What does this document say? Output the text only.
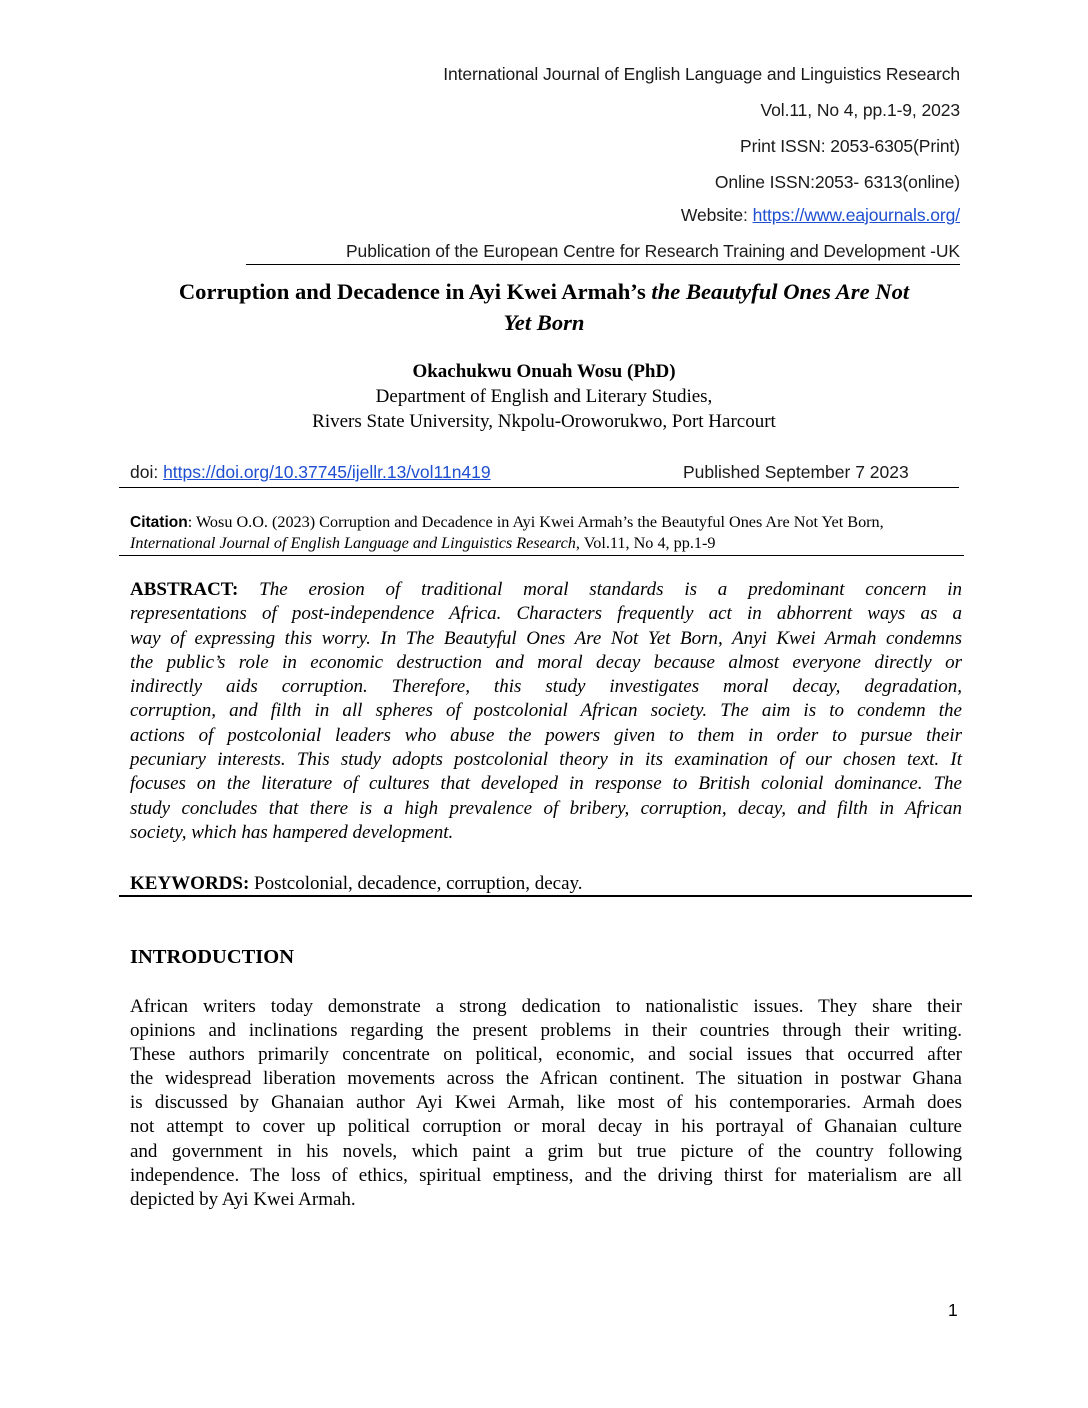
International Journal of English Language and Linguistics Research
Vol.11, No 4, pp.1-9, 2023
Print ISSN: 2053-6305(Print)
Online ISSN:2053- 6313(online)
Website: https://www.eajournals.org/
Publication of the European Centre for Research Training and Development -UK
Corruption and Decadence in Ayi Kwei Armah’s the Beautyful Ones Are Not
Yet Born
Okachukwu Onuah Wosu (PhD)
Department of English and Literary Studies,
Rivers State University, Nkpolu-Oroworukwo, Port Harcourt
doi: https://doi.org/10.37745/ijellr.13/vol11n419	Published September 7 2023
Citation: Wosu O.O. (2023) Corruption and Decadence in Ayi Kwei Armah’s the Beautyful Ones Are Not Yet Born,
International Journal of English Language and Linguistics Research, Vol.11, No 4, pp.1-9
ABSTRACT: The erosion of traditional moral standards is a predominant concern in
representations of post-independence Africa. Characters frequently act in abhorrent ways as a
way of expressing this worry. In The Beautyful Ones Are Not Yet Born, Anyi Kwei Armah condemns
the public’s role in economic destruction and moral decay because almost everyone directly or
indirectly aids corruption. Therefore, this study investigates moral decay, degradation,
corruption, and filth in all spheres of postcolonial African society. The aim is to condemn the
actions of postcolonial leaders who abuse the powers given to them in order to pursue their
pecuniary interests. This study adopts postcolonial theory in its examination of our chosen text. It
focuses on the literature of cultures that developed in response to British colonial dominance. The
study concludes that there is a high prevalence of bribery, corruption, decay, and filth in African
society, which has hampered development.
KEYWORDS: Postcolonial, decadence, corruption, decay.
INTRODUCTION
African writers today demonstrate a strong dedication to nationalistic issues. They share their
opinions and inclinations regarding the present problems in their countries through their writing.
These authors primarily concentrate on political, economic, and social issues that occurred after
the widespread liberation movements across the African continent. The situation in postwar Ghana
is discussed by Ghanaian author Ayi Kwei Armah, like most of his contemporaries. Armah does
not attempt to cover up political corruption or moral decay in his portrayal of Ghanaian culture
and government in his novels, which paint a grim but true picture of the country following
independence. The loss of ethics, spiritual emptiness, and the driving thirst for materialism are all
depicted by Ayi Kwei Armah.
1
